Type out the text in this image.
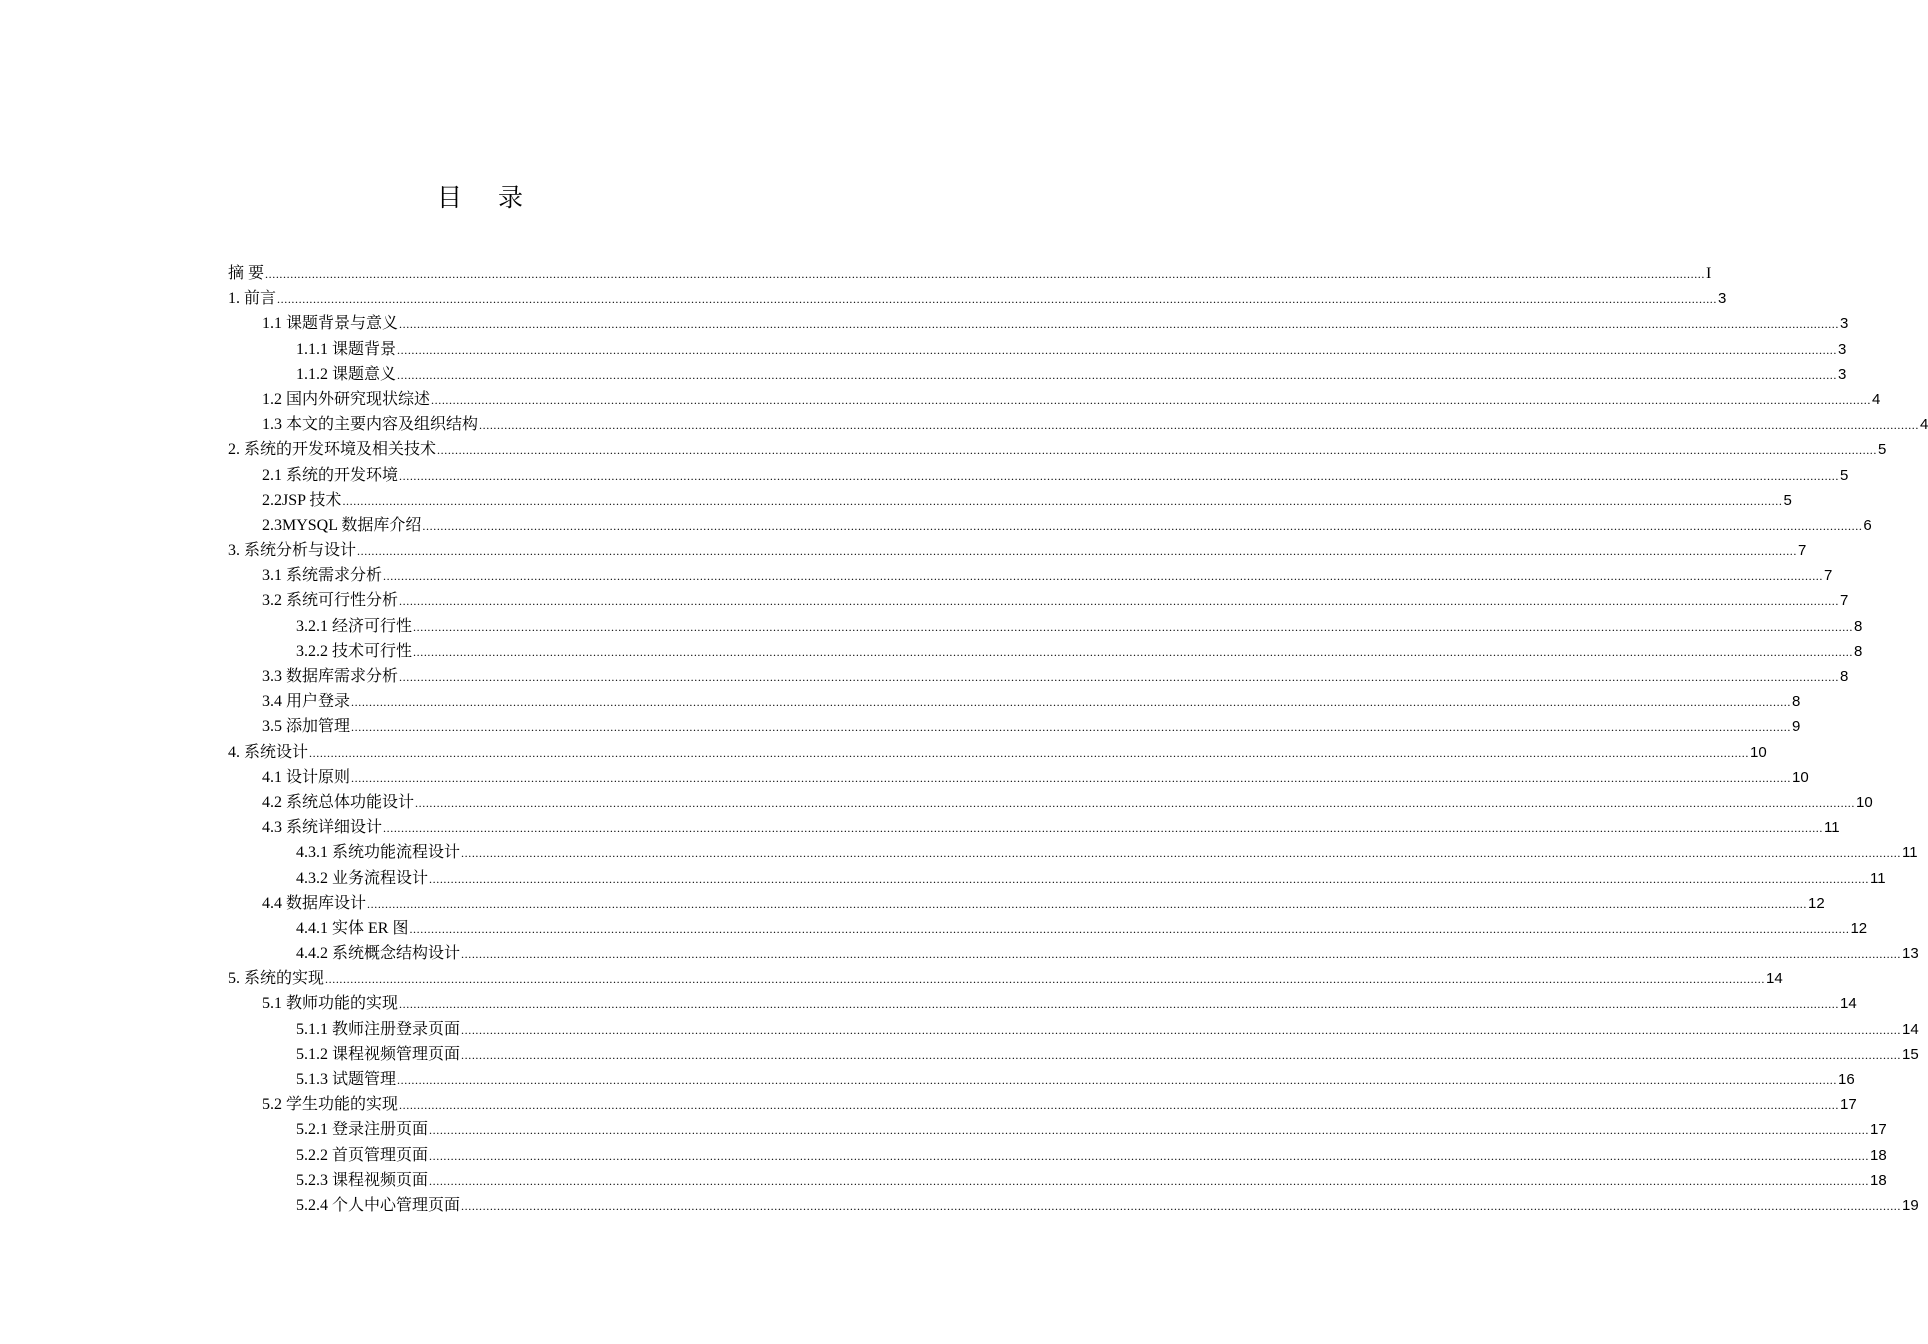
目 录
摘 要 ................................................................................................................................................................................................................................................................................................................................................................................................................ I
1. 前言 ................................................................................................................................................................................................................................................................................................................................................................................................................ 3
1.1 课题背景与意义 ................................................................................................................................................................................................................................................................................................................................................................................................................ 3
1.1.1 课题背景 ................................................................................................................................................................................................................................................................................................................................................................................................................ 3
1.1.2 课题意义 ................................................................................................................................................................................................................................................................................................................................................................................................................ 3
1.2 国内外研究现状综述 ................................................................................................................................................................................................................................................................................................................................................................................................................ 4
1.3 本文的主要内容及组织结构 ................................................................................................................................................................................................................................................................................................................................................................................................................ 4
2. 系统的开发环境及相关技术 ................................................................................................................................................................................................................................................................................................................................................................................................................ 5
2.1 系统的开发环境 ................................................................................................................................................................................................................................................................................................................................................................................................................ 5
2.2JSP 技术 ................................................................................................................................................................................................................................................................................................................................................................................................................ 5
2.3MYSQL 数据库介绍 ................................................................................................................................................................................................................................................................................................................................................................................................................ 6
3. 系统分析与设计 ................................................................................................................................................................................................................................................................................................................................................................................................................ 7
3.1 系统需求分析 ................................................................................................................................................................................................................................................................................................................................................................................................................ 7
3.2 系统可行性分析 ................................................................................................................................................................................................................................................................................................................................................................................................................ 7
3.2.1 经济可行性 ................................................................................................................................................................................................................................................................................................................................................................................................................ 8
3.2.2 技术可行性 ................................................................................................................................................................................................................................................................................................................................................................................................................ 8
3.3 数据库需求分析 ................................................................................................................................................................................................................................................................................................................................................................................................................ 8
3.4 用户登录 ................................................................................................................................................................................................................................................................................................................................................................................................................ 8
3.5 添加管理 ................................................................................................................................................................................................................................................................................................................................................................................................................ 9
4. 系统设计 ................................................................................................................................................................................................................................................................................................................................................................................................................ 10
4.1 设计原则 ................................................................................................................................................................................................................................................................................................................................................................................................................ 10
4.2 系统总体功能设计 ................................................................................................................................................................................................................................................................................................................................................................................................................ 10
4.3 系统详细设计 ................................................................................................................................................................................................................................................................................................................................................................................................................ 11
4.3.1 系统功能流程设计 ................................................................................................................................................................................................................................................................................................................................................................................................................ 11
4.3.2 业务流程设计 ................................................................................................................................................................................................................................................................................................................................................................................................................ 11
4.4 数据库设计 ................................................................................................................................................................................................................................................................................................................................................................................................................ 12
4.4.1 实体 ER 图 ................................................................................................................................................................................................................................................................................................................................................................................................................ 12
4.4.2 系统概念结构设计 ................................................................................................................................................................................................................................................................................................................................................................................................................ 13
5. 系统的实现 ................................................................................................................................................................................................................................................................................................................................................................................................................ 14
5.1 教师功能的实现 ................................................................................................................................................................................................................................................................................................................................................................................................................ 14
5.1.1 教师注册登录页面 ................................................................................................................................................................................................................................................................................................................................................................................................................ 14
5.1.2 课程视频管理页面 ................................................................................................................................................................................................................................................................................................................................................................................................................ 15
5.1.3 试题管理 ................................................................................................................................................................................................................................................................................................................................................................................................................ 16
5.2 学生功能的实现 ................................................................................................................................................................................................................................................................................................................................................................................................................ 17
5.2.1 登录注册页面 ................................................................................................................................................................................................................................................................................................................................................................................................................ 17
5.2.2 首页管理页面 ................................................................................................................................................................................................................................................................................................................................................................................................................ 18
5.2.3 课程视频页面 ................................................................................................................................................................................................................................................................................................................................................................................................................ 18
5.2.4 个人中心管理页面 ................................................................................................................................................................................................................................................................................................................................................................................................................ 19
